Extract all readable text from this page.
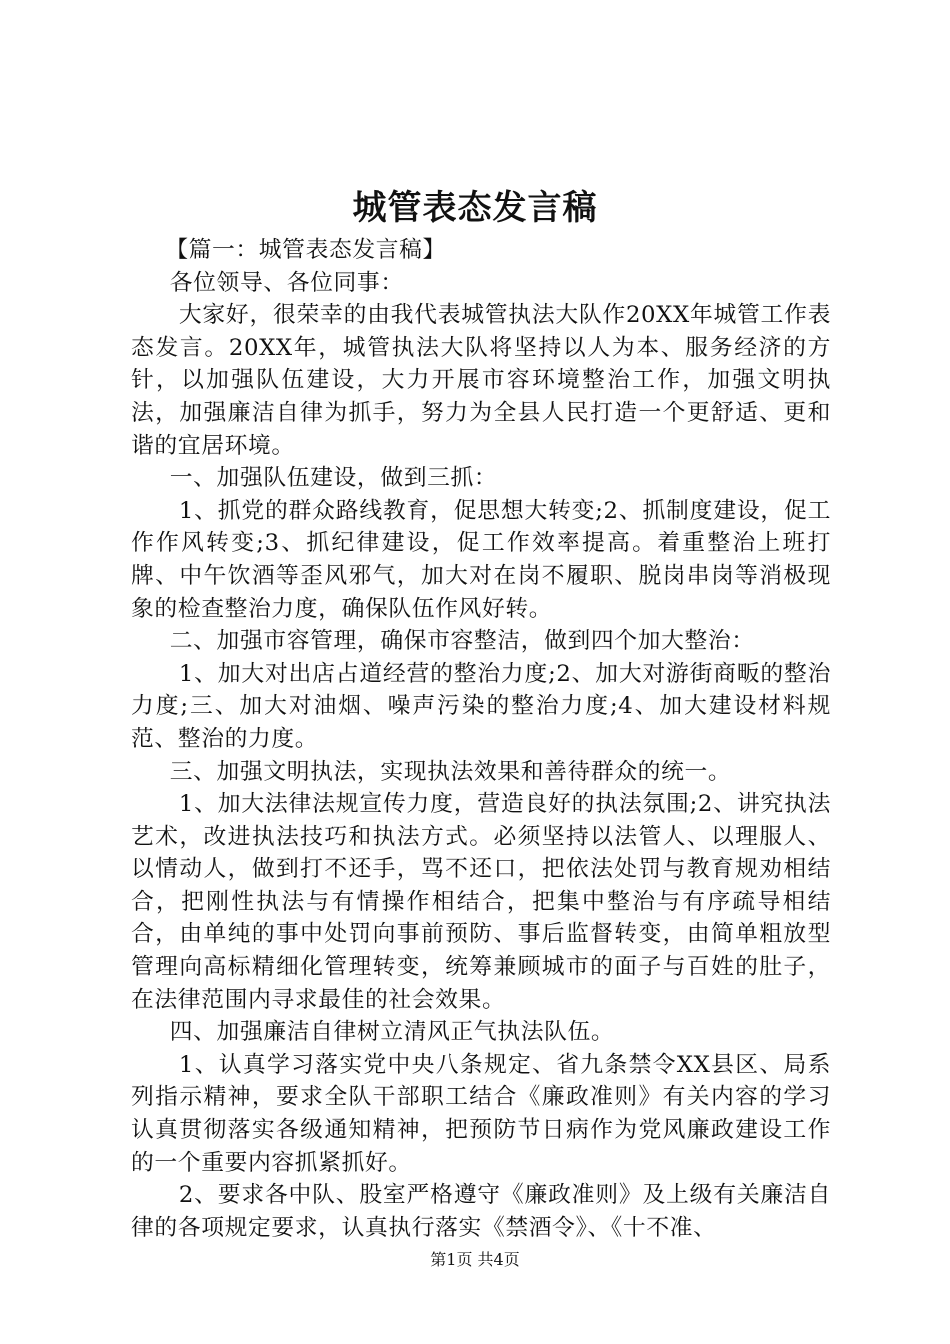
城管表态发言稿

【篇一：城管表态发言稿】

各位领导、各位同事：

大家好，很荣幸的由我代表城管执法大队作20XX年城管工作表态发言。20XX年，城管执法大队将坚持以人为本、服务经济的方针，以加强队伍建设，大力开展市容环境整治工作，加强文明执法，加强廉洁自律为抓手，努力为全县人民打造一个更舒适、更和谐的宜居环境。

一、加强队伍建设，做到三抓：

1、抓党的群众路线教育，促思想大转变;2、抓制度建设，促工作作风转变;3、抓纪律建设，促工作效率提高。着重整治上班打牌、中午饮酒等歪风邪气，加大对在岗不履职、脱岗串岗等消极现象的检查整治力度，确保队伍作风好转。

二、加强市容管理，确保市容整洁，做到四个加大整治：

1、加大对出店占道经营的整治力度;2、加大对游街商畈的整治力度;三、加大对油烟、噪声污染的整治力度;4、加大建设材料规范、整治的力度。

三、加强文明执法，实现执法效果和善待群众的统一。

1、加大法律法规宣传力度，营造良好的执法氛围;2、讲究执法艺术，改进执法技巧和执法方式。必须坚持以法管人、以理服人、以情动人，做到打不还手，骂不还口，把依法处罚与教育规劝相结合，把刚性执法与有情操作相结合，把集中整治与有序疏导相结合，由单纯的事中处罚向事前预防、事后监督转变，由简单粗放型管理向高标精细化管理转变，统筹兼顾城市的面子与百姓的肚子，在法律范围内寻求最佳的社会效果。

四、加强廉洁自律树立清风正气执法队伍。

1、认真学习落实党中央八条规定、省九条禁令XX县区、局系列指示精神，要求全队干部职工结合《廉政准则》有关内容的学习认真贯彻落实各级通知精神，把预防节日病作为党风廉政建设工作的一个重要内容抓紧抓好。

2、要求各中队、股室严格遵守《廉政准则》及上级有关廉洁自律的各项规定要求，认真执行落实《禁酒令》、《十不准、

第1页 共4页
